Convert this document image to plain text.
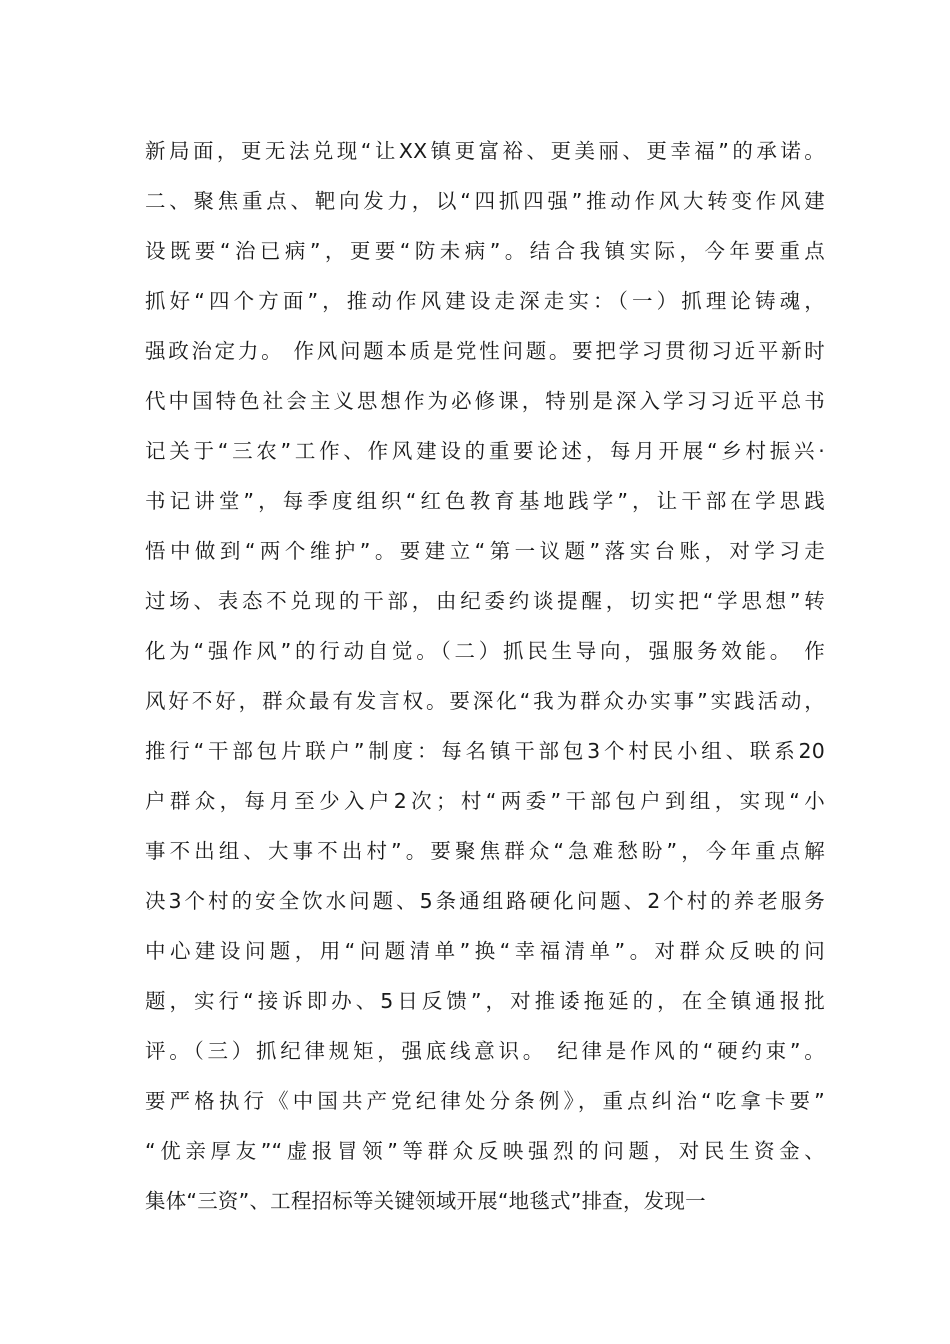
新局面，更无法兑现“让XX镇更富裕、更美丽、更幸福”的承诺。
二、聚焦重点、靶向发力，以“四抓四强”推动作风大转变作风建
设既要“治已病”，更要“防未病”。结合我镇实际，今年要重点
抓好“四个方面”，推动作风建设走深走实：（一）抓理论铸魂，
强政治定力。 作风问题本质是党性问题。要把学习贯彻习近平新时
代中国特色社会主义思想作为必修课，特别是深入学习习近平总书
记关于“三农”工作、作风建设的重要论述，每月开展“乡村振兴·
书记讲堂”，每季度组织“红色教育基地践学”，让干部在学思践
悟中做到“两个维护”。要建立“第一议题”落实台账，对学习走
过场、表态不兑现的干部，由纪委约谈提醒，切实把“学思想”转
化为“强作风”的行动自觉。（二）抓民生导向，强服务效能。 作
风好不好，群众最有发言权。要深化“我为群众办实事”实践活动，
推行“干部包片联户”制度：每名镇干部包3个村民小组、联系20
户群众，每月至少入户2次；村“两委”干部包户到组，实现“小
事不出组、大事不出村”。要聚焦群众“急难愁盼”，今年重点解
决3个村的安全饮水问题、5条通组路硬化问题、2个村的养老服务
中心建设问题，用“问题清单”换“幸福清单”。对群众反映的问
题，实行“接诉即办、5日反馈”，对推诿拖延的，在全镇通报批
评。（三）抓纪律规矩，强底线意识。 纪律是作风的“硬约束”。
要严格执行《中国共产党纪律处分条例》，重点纠治“吃拿卡要”
“优亲厚友”“虚报冒领”等群众反映强烈的问题，对民生资金、
集体“三资”、工程招标等关键领域开展“地毯式”排查，发现一
